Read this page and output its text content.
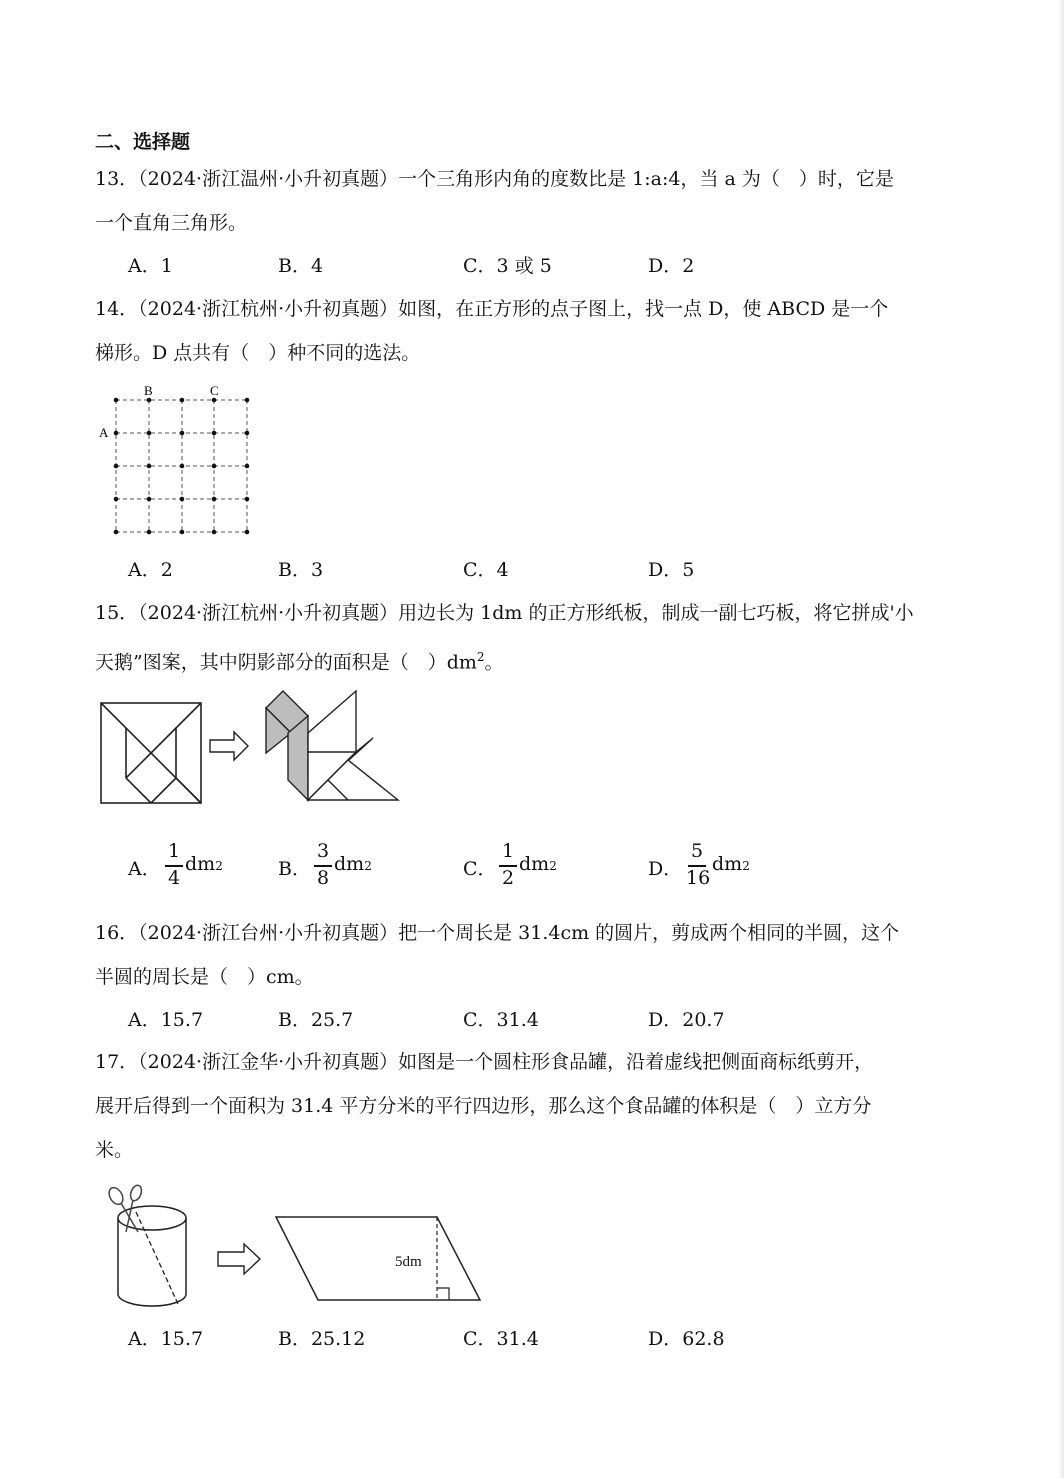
二、选择题
13．（2024·浙江温州·小升初真题）一个三角形内角的度数比是 1:a:4，当 a 为（　）时，它是
一个直角三角形。
A．1	B．4	C．3 或 5	D．2
14．（2024·浙江杭州·小升初真题）如图，在正方形的点子图上，找一点 D，使 ABCD 是一个
梯形。D 点共有（　）种不同的选法。
A
B	C
A．2	B．3	C．4	D．5
15．（2024·浙江杭州·小升初真题）用边长为 1dm 的正方形纸板，制成一副七巧板，将它拼成'小
天鹅”图案，其中阴影部分的面积是（　）$dm^2$。
A．
1
4
dm 2	B．
3
8
dm 2	C．
1
2
dm 2	D．
5
16
dm 2
16．（2024·浙江台州·小升初真题）把一个周长是 31.4cm 的圆片，剪成两个相同的半圆，这个
半圆的周长是（　）cm。
A．15.7	B．25.7	C．31.4	D．20.7
17．（2024·浙江金华·小升初真题）如图是一个圆柱形食品罐，沿着虚线把侧面商标纸剪开，
展开后得到一个面积为 31.4 平方分米的平行四边形，那么这个食品罐的体积是（　）立方分
米。
5dm
A．15.7	B．25.12	C．31.4	D．62.8
